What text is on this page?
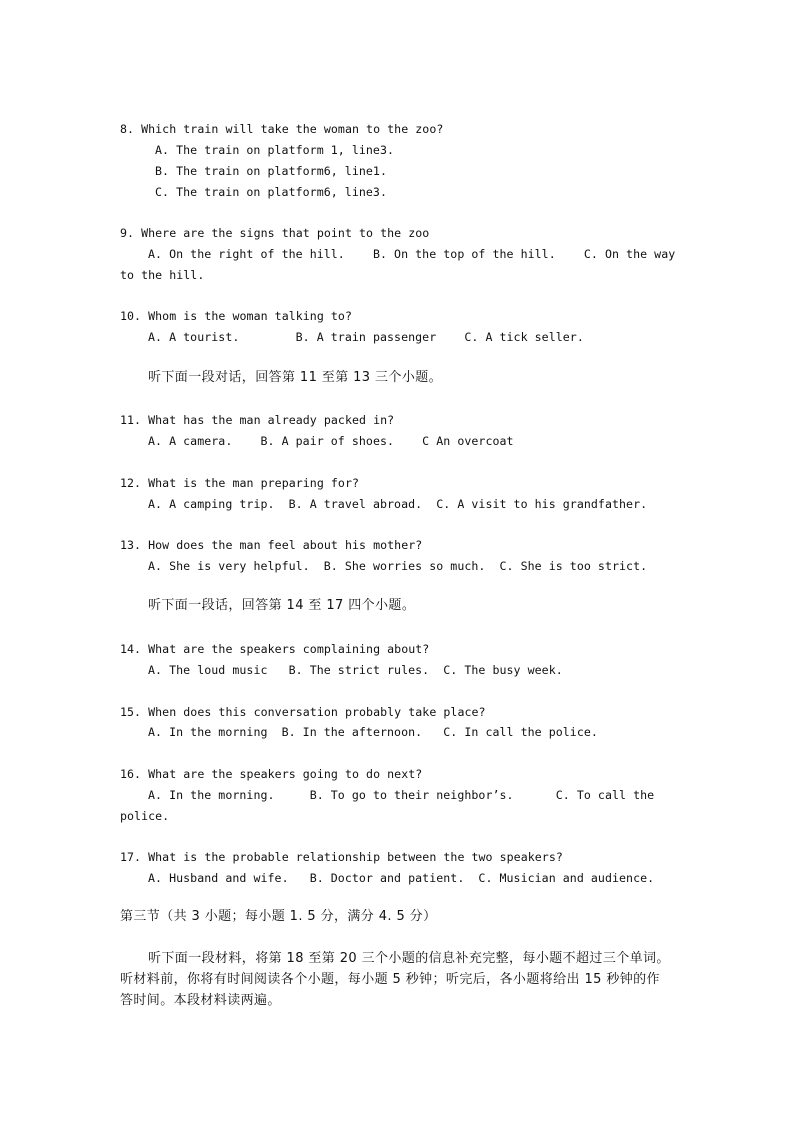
8. Which train will take the woman to the zoo?
A. The train on platform 1, line3.
B. The train on platform6, line1.
C. The train on platform6, line3.
9. Where are the signs that point to the zoo
A. On the right of the hill.    B. On the top of the hill.    C. On the way
to the hill.
10. Whom is the woman talking to?
A. A tourist.        B. A train passenger    C. A tick seller.
听下面一段对话，回答第 11 至第 13 三个小题。
11. What has the man already packed in?
A. A camera.    B. A pair of shoes.    C An overcoat
12. What is the man preparing for?
A. A camping trip.  B. A travel abroad.  C. A visit to his grandfather.
13. How does the man feel about his mother?
A. She is very helpful.  B. She worries so much.  C. She is too strict.
听下面一段话，回答第 14 至 17 四个小题。
14. What are the speakers complaining about?
A. The loud music   B. The strict rules.  C. The busy week.
15. When does this conversation probably take place?
A. In the morning  B. In the afternoon.   C. In call the police.
16. What are the speakers going to do next?
A. In the morning.     B. To go to their neighbor’s.      C. To call the
police.
17. What is the probable relationship between the two speakers?
A. Husband and wife.   B. Doctor and patient.  C. Musician and audience.
第三节（共 3 小题；每小题 1. 5 分，满分 4. 5 分）
听下面一段材料，将第 18 至第 20 三个小题的信息补充完整，每小题不超过三个单词。
听材料前，你将有时间阅读各个小题，每小题 5 秒钟；听完后，各小题将给出 15 秒钟的作
答时间。本段材料读两遍。
